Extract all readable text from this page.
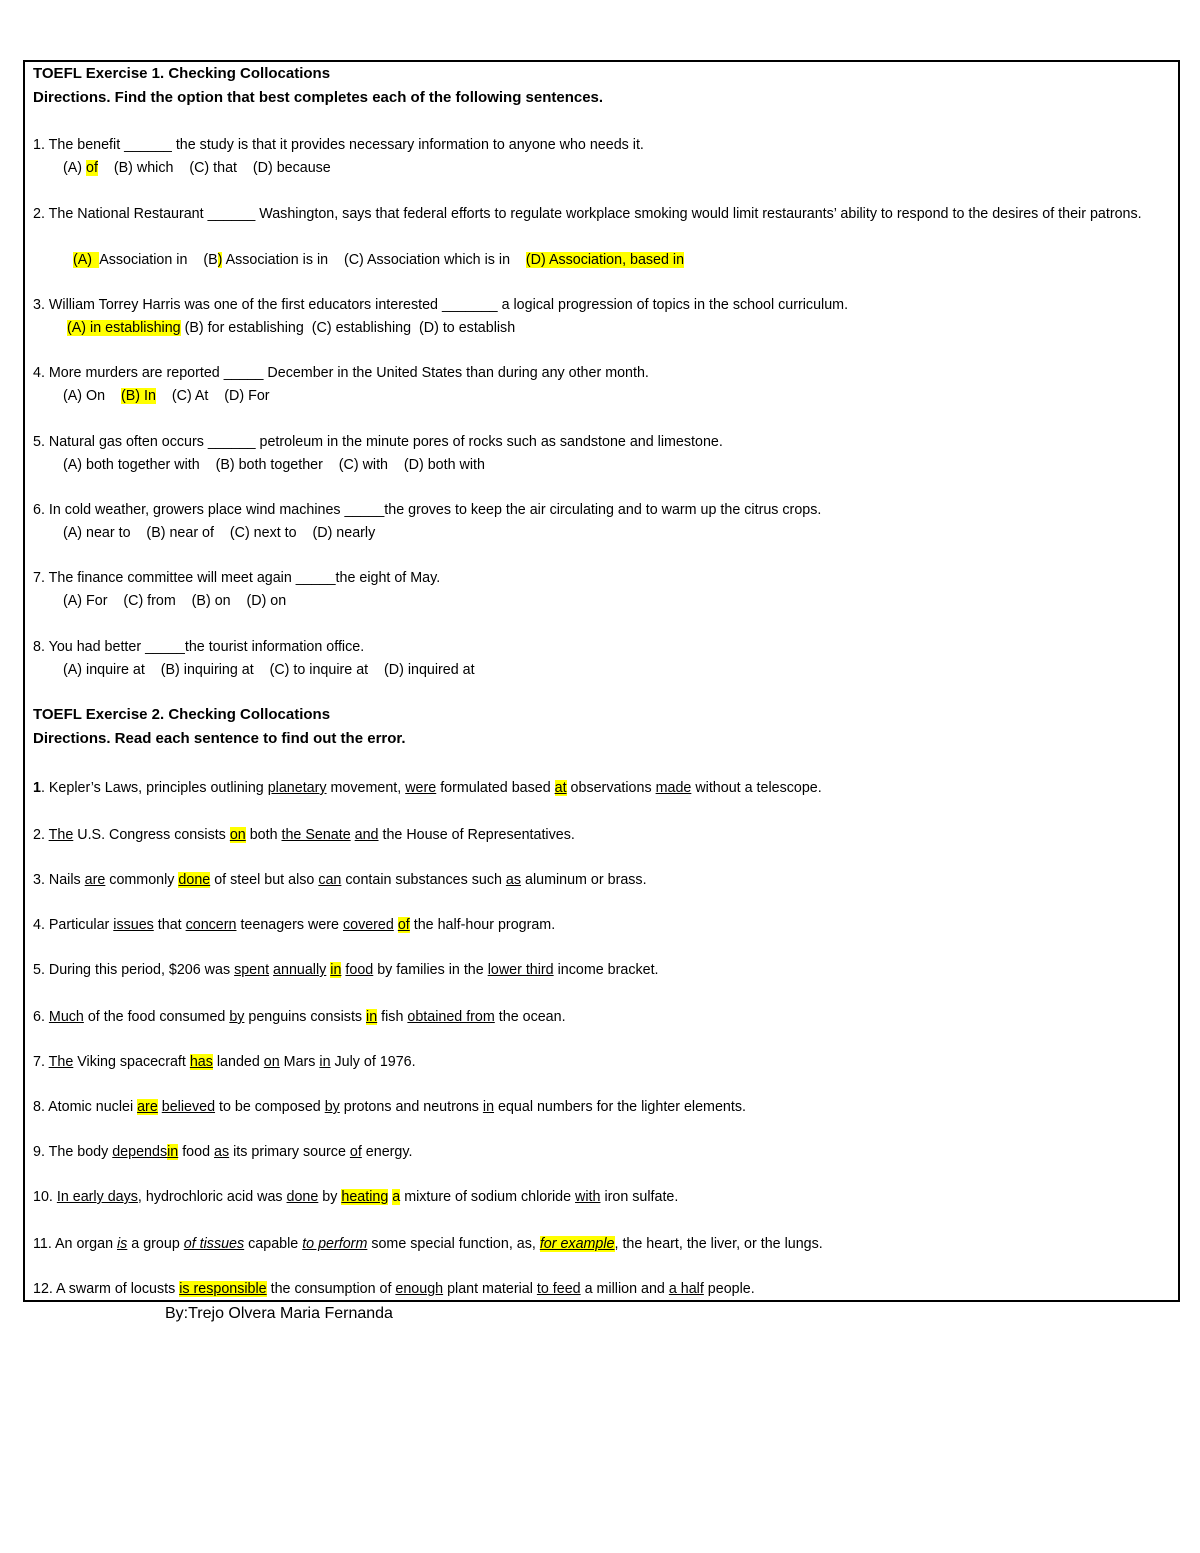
TOEFL Exercise 1. Checking Collocations
Directions. Find the option that best completes each of the following sentences.
1. The benefit ______ the study is that it provides necessary information to anyone who needs it.
(A) of (B) which    (C) that    (D) because
2. The National Restaurant ______ Washington, says that federal efforts to regulate workplace smoking would limit restaurants’ ability to respond to the desires of their patrons.
(A)  Association in    (B) Association is in    (C) Association which is in    (D) Association, based in
3. William Torrey Harris was one of the first educators interested _______ a logical progression of topics in the school curriculum.
(A) in establishing (B) for establishing  (C) establishing  (D) to establish
4. More murders are reported _____ December in the United States than during any other month.
(A) On    (B) In    (C) At    (D) For
5. Natural gas often occurs ______ petroleum in the minute pores of rocks such as sandstone and limestone.
(A) both together with    (B) both together    (C) with    (D) both with
6. In cold weather, growers place wind machines _____the groves to keep the air circulating and to warm up the citrus crops.
(A) near to    (B) near of    (C) next to    (D) nearly
7. The finance committee will meet again _____the eight of May.
(A) For    (C) from    (B) on    (D) on
8. You had better _____the tourist information office.
(A) inquire at    (B) inquiring at    (C) to inquire at    (D) inquired at
TOEFL Exercise 2. Checking Collocations
Directions. Read each sentence to find out the error.
1. Kepler’s Laws, principles outlining planetary movement, were formulated based at observations made without a telescope.
2. The U.S. Congress consists on both the Senate and the House of Representatives.
3. Nails are commonly done of steel but also can contain substances such as aluminum or brass.
4. Particular issues that concern teenagers were covered of the half-hour program.
5. During this period, $206 was spent annually in food by families in the lower third income bracket.
6. Much of the food consumed by penguins consists in fish obtained from the ocean.
7. The Viking spacecraft has landed on Mars in July of 1976.
8. Atomic nuclei are believed to be composed by protons and neutrons in equal numbers for the lighter elements.
9. The body dependsin food as its primary source of energy.
10. In early days, hydrochloric acid was done by heating a mixture of sodium chloride with iron sulfate.
11. An organ is a group of tissues capable to perform some special function, as, for example, the heart, the liver, or the lungs.
12. A swarm of locusts is responsible the consumption of enough plant material to feed a million and a half people.
By:Trejo Olvera Maria Fernanda
